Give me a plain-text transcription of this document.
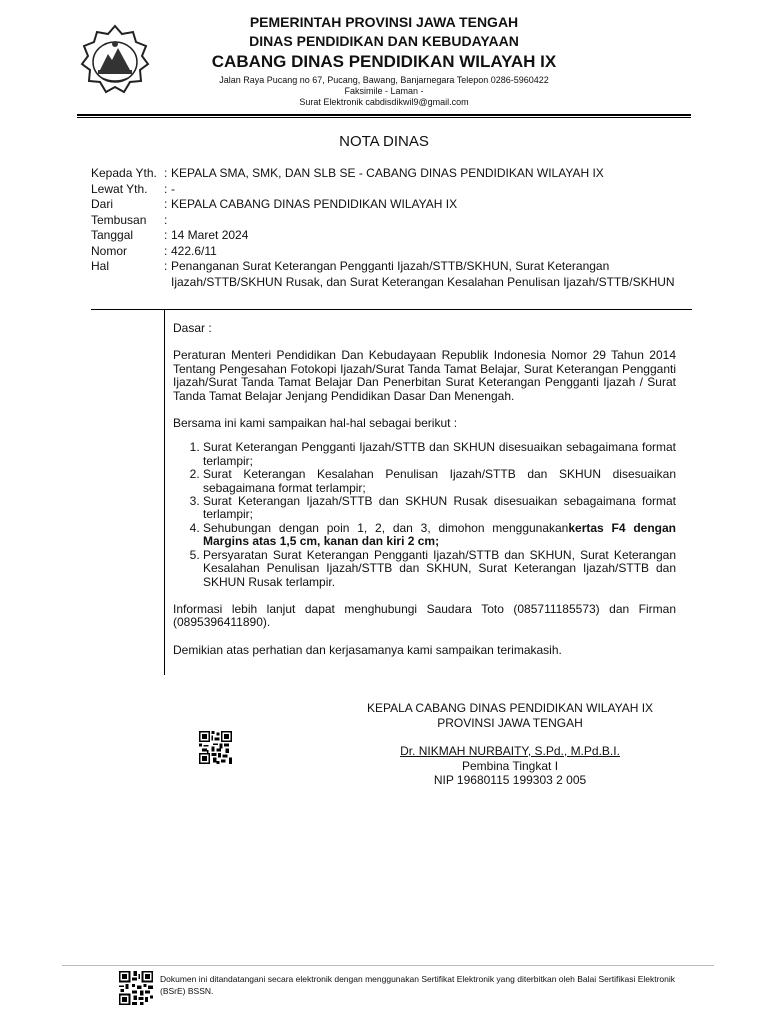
PEMERINTAH PROVINSI JAWA TENGAH
DINAS PENDIDIKAN DAN KEBUDAYAAN
CABANG DINAS PENDIDIKAN WILAYAH IX
Jalan Raya Pucang no 67, Pucang, Bawang, Banjarnegara Telepon 0286-5960422
Faksimile - Laman -
Surat Elektronik cabdisdikwil9@gmail.com
NOTA DINAS
Kepada Yth. : KEPALA SMA, SMK, DAN SLB SE - CABANG DINAS PENDIDIKAN WILAYAH IX
Lewat Yth.	: -
Dari	: KEPALA CABANG DINAS PENDIDIKAN WILAYAH IX
Tembusan	:
Tanggal	: 14 Maret 2024
Nomor	: 422.6/11
Hal	: Penanganan Surat Keterangan Pengganti Ijazah/STTB/SKHUN, Surat Keterangan Ijazah/STTB/SKHUN Rusak, dan Surat Keterangan Kesalahan Penulisan Ijazah/STTB/SKHUN

Dasar :

Peraturan Menteri Pendidikan Dan Kebudayaan Republik Indonesia Nomor 29 Tahun 2014 Tentang Pengesahan Fotokopi Ijazah/Surat Tanda Tamat Belajar, Surat Keterangan Pengganti Ijazah/Surat Tanda Tamat Belajar Dan Penerbitan Surat Keterangan Pengganti Ijazah / Surat Tanda Tamat Belajar Jenjang Pendidikan Dasar Dan Menengah.

Bersama ini kami sampaikan hal-hal sebagai berikut :

1. Surat Keterangan Pengganti Ijazah/STTB dan SKHUN disesuaikan sebagaimana format terlampir;
2. Surat Keterangan Kesalahan Penulisan Ijazah/STTB dan SKHUN disesuaikan sebagaimana format terlampir;
3. Surat Keterangan Ijazah/STTB dan SKHUN Rusak disesuaikan sebagaimana format terlampir;
4. Sehubungan dengan poin 1, 2, dan 3, dimohon menggunakankertas F4 dengan Margins atas 1,5 cm, kanan dan kiri 2 cm;
5. Persyaratan Surat Keterangan Pengganti Ijazah/STTB dan SKHUN, Surat Keterangan Kesalahan Penulisan Ijazah/STTB dan SKHUN, Surat Keterangan Ijazah/STTB dan SKHUN Rusak terlampir.

Informasi lebih lanjut dapat menghubungi Saudara Toto (085711185573) dan Firman (0895396411890).

Demikian atas perhatian dan kerjasamanya kami sampaikan terimakasih.

KEPALA CABANG DINAS PENDIDIKAN WILAYAH IX
PROVINSI JAWA TENGAH
Dr. NIKMAH NURBAITY, S.Pd., M.Pd.B.I.
Pembina Tingkat I
NIP 19680115 199303 2 005
Dokumen ini ditandatangani secara elektronik dengan menggunakan Sertifikat Elektronik yang diterbitkan oleh Balai Sertifikasi Elektronik (BSrE) BSSN.
